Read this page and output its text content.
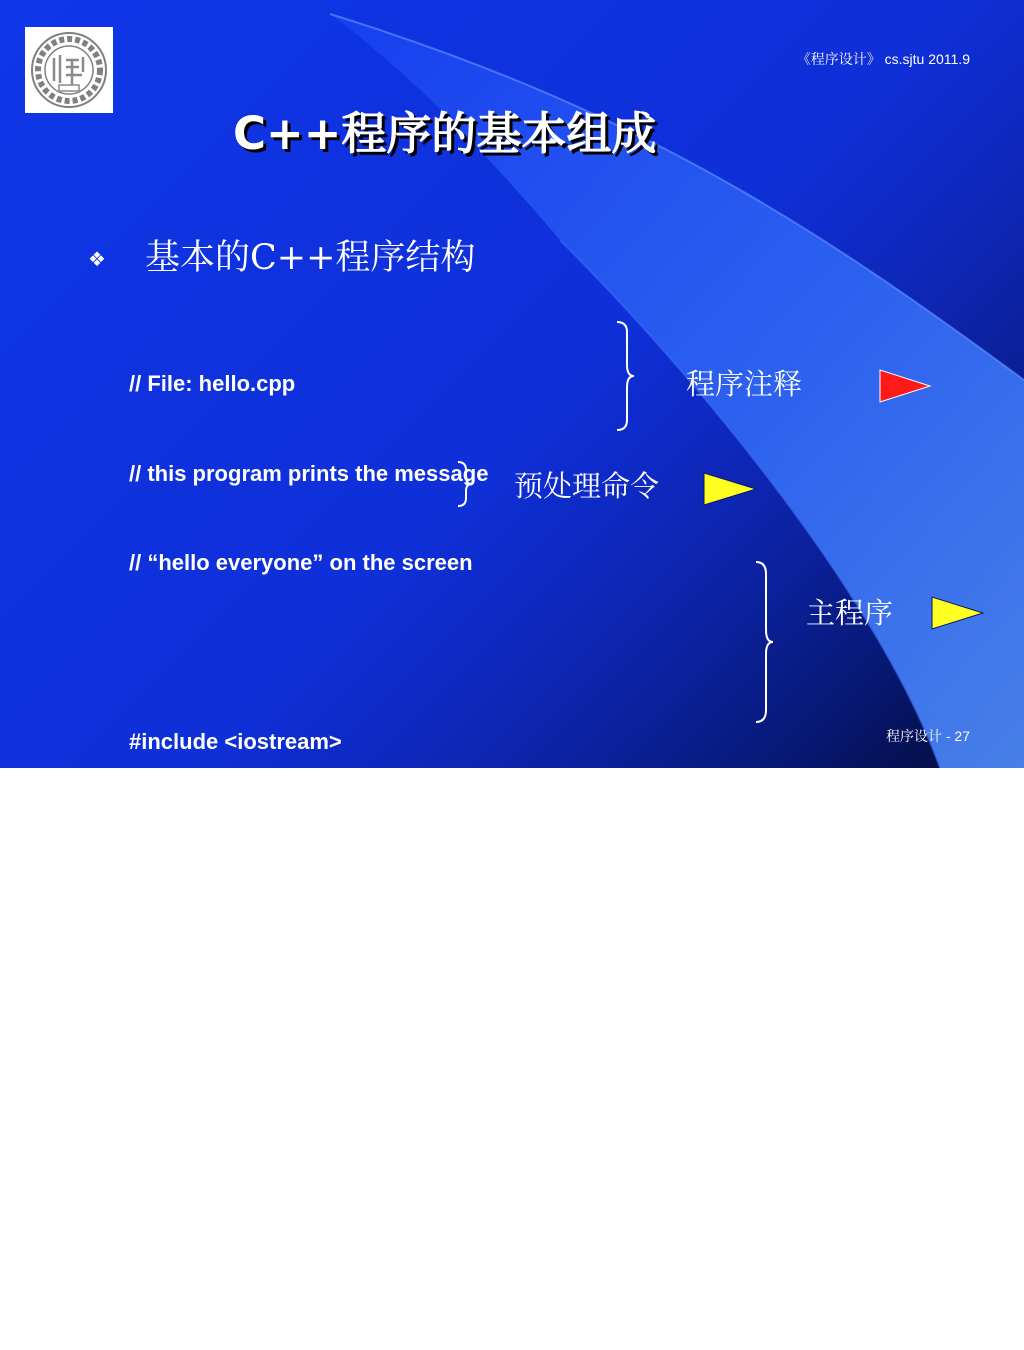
《程序设计》 cs.sjtu 2011.9
C++程序的基本组成
❖ 基本的C++程序结构

// File: hello.cpp

// this program prints the message

// “hello everyone” on the screen

#include <iostream>

int main()

{

std::cout << “hello everyone” << std::endl;

return 0;

}

程序注释
预处理命令
主程序
程序设计 - 27
